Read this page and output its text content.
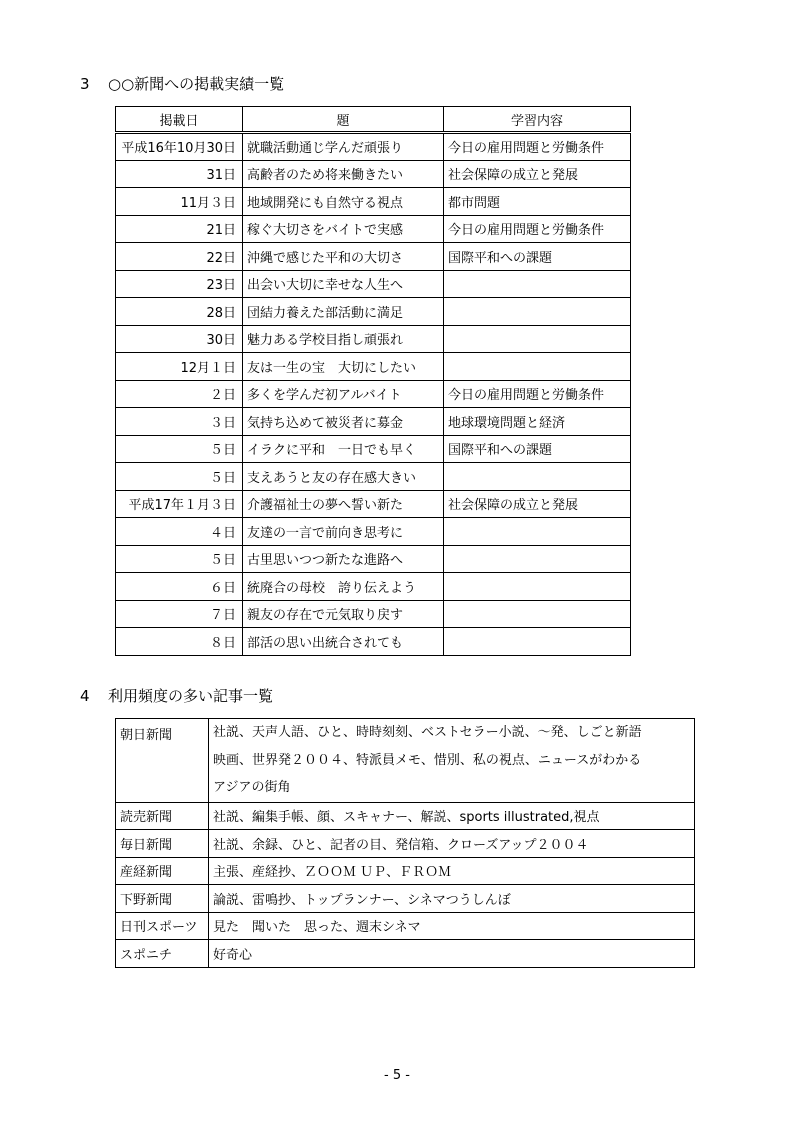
3 ○○新聞への掲載実績一覧
掲載日	題	学習内容
平成16年10月30日	就職活動通じ学んだ頑張り	今日の雇用問題と労働条件
31日	高齢者のため将来働きたい	社会保障の成立と発展
11月３日	地域開発にも自然守る視点	都市問題
21日	稼ぐ大切さをバイトで実感	今日の雇用問題と労働条件
22日	沖縄で感じた平和の大切さ	国際平和への課題
23日	出会い大切に幸せな人生へ	
28日	団結力養えた部活動に満足	
30日	魅力ある学校目指し頑張れ	
12月１日	友は一生の宝　大切にしたい	
２日	多くを学んだ初アルバイト	今日の雇用問題と労働条件
３日	気持ち込めて被災者に募金	地球環境問題と経済
５日	イラクに平和　一日でも早く	国際平和への課題
５日	支えあうと友の存在感大きい	
平成17年１月３日	介護福祉士の夢へ誓い新た	社会保障の成立と発展
４日	友達の一言で前向き思考に	
５日	古里思いつつ新たな進路へ	
６日	統廃合の母校　誇り伝えよう	
７日	親友の存在で元気取り戻す	
８日	部活の思い出統合されても	
4 利用頻度の多い記事一覧
朝日新聞	社説、天声人語、ひと、時時刻刻、ベストセラー小説、～発、しごと新語
映画、世界発２００４、特派員メモ、惜別、私の視点、ニュースがわかる
アジアの街角

読売新聞	社説、編集手帳、顔、スキャナー、解説、sports illustrated,視点
毎日新聞	社説、余録、ひと、記者の目、発信箱、クローズアップ２００４
産経新聞	主張、産経抄、ＺＯＯＭ ＵＰ、ＦＲＯＭ
下野新聞	論説、雷鳴抄、トップランナー、シネマつうしんぼ
日刊スポーツ	見た　聞いた　思った、週末シネマ
スポニチ	好奇心
- 5 -
